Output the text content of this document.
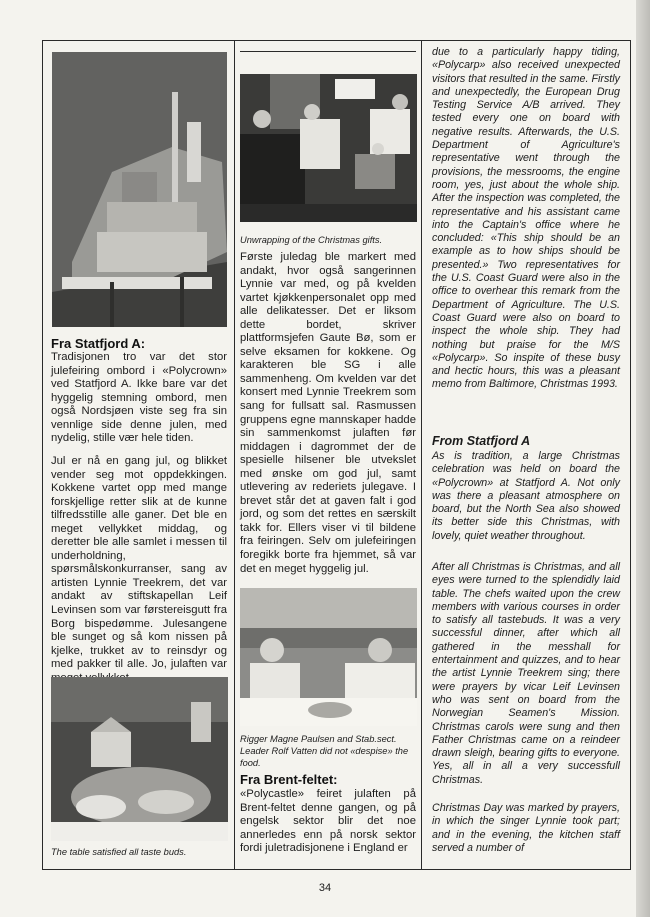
Fra Statfjord A:
Tradisjonen tro var det stor julefeiring ombord i «Polycrown» ved Statfjord A. Ikke bare var det hyggelig stemning ombord, men også Nordsjøen viste seg fra sin vennlige side denne julen, med nydelig, stille vær hele tiden.
Jul er nå en gang jul, og blikket vender seg mot oppdekkingen. Kokkene vartet opp med mange forskjellige retter slik at de kunne tilfredsstille alle ganer. Det ble en meget vellykket middag, og deretter ble alle samlet i messen til underholdning, spørsmålskonkurranser, sang av artisten Lynnie Treekrem, det var andakt av stiftskapellan Leif Levinsen som var førstereisgutt fra Borg bispedømme. Julesangene ble sunget og så kom nissen på kjelke, trukket av to reinsdyr og med pakker til alle. Jo, julaften var
The table satisfied all taste buds.
Unwrapping of the Christmas gifts.
Første juledag ble markert med andakt, hvor også sangerinnen Lynnie var med, og på kvelden vartet kjøkkenpersonalet opp med alle delikatesser. Det er liksom dette bordet, skriver plattformsjefen Gaute Bø, som er selve eksamen for kokkene. Og karakteren ble SG i alle sammenheng. Om kvelden var det konsert med Lynnie Treekrem som sang for fullsatt sal. Rasmussen gruppens egne mannskaper hadde sin sammenkomst julaften før middagen i dagrommet der de spesielle hilsener ble utvekslet med ønske om god jul, samt utlevering av rederiets julegave. I brevet står det at gaven falt i god jord, og som det rettes en særskilt takk for. Ellers viser vi til bildene fra feiringen. Selv om julefeiringen foregikk borte fra hjemmet, så var det en meget hyggelig jul.
Rigger Magne Paulsen and Stab.sect. Leader Rolf Vatten did not «despise» the food.
Fra Brent-feltet:
«Polycastle» feiret julaften på Brent-feltet denne gangen, og på engelsk sektor blir det noe annerledes enn på norsk sektor fordi juletradisjonene i England er
due to a particularly happy tiding, «Polycarp» also received unexpected visitors that resulted in the same. Firstly and unexpectedly, the European Drug Testing Service A/B arrived. They tested every one on board with negative results. Afterwards, the U.S. Department of Agriculture's representative went through the provisions, the messrooms, the engine room, yes, just about the whole ship. After the inspection was completed, the representative and his assistant came into the Captain's office where he concluded: «This ship should be an example as to how ships should be presented.» Two representatives for the U.S. Coast Guard were also in the office to overhear this remark from the Department of Agriculture. The U.S. Coast Guard were also on board to inspect the whole ship. They had nothing but praise for the M/S «Polycarp». So inspite of these busy and hectic hours, this was a pleasant memo from Baltimore, Christmas 1993.
From Statfjord A
As is tradition, a large Christmas celebration was held on board the «Polycrown» at Statfjord A. Not only was there a pleasant atmosphere on board, but the North Sea also showed its better side this Christmas, with lovely, quiet weather throughout.
After all Christmas is Christmas, and all eyes were turned to the splendidly laid table. The chefs waited upon the crew members with various courses in order to satisfy all tastebuds. It was a very successful dinner, after which all gathered in the messhall for entertainment and quizzes, and to hear the artist Lynnie Treekrem sing; there were prayers by vicar Leif Levinsen who was sent on board from the Norwegian Seamen's Mission. Christmas carols were sung and then Father Christmas came on a reindeer drawn sleigh, bearing gifts to everyone. Yes, all in all a very successfull Christmas.
Christmas Day was marked by prayers, in which the singer Lynnie took part; and in the evening, the kitchen staff served a number of
34
